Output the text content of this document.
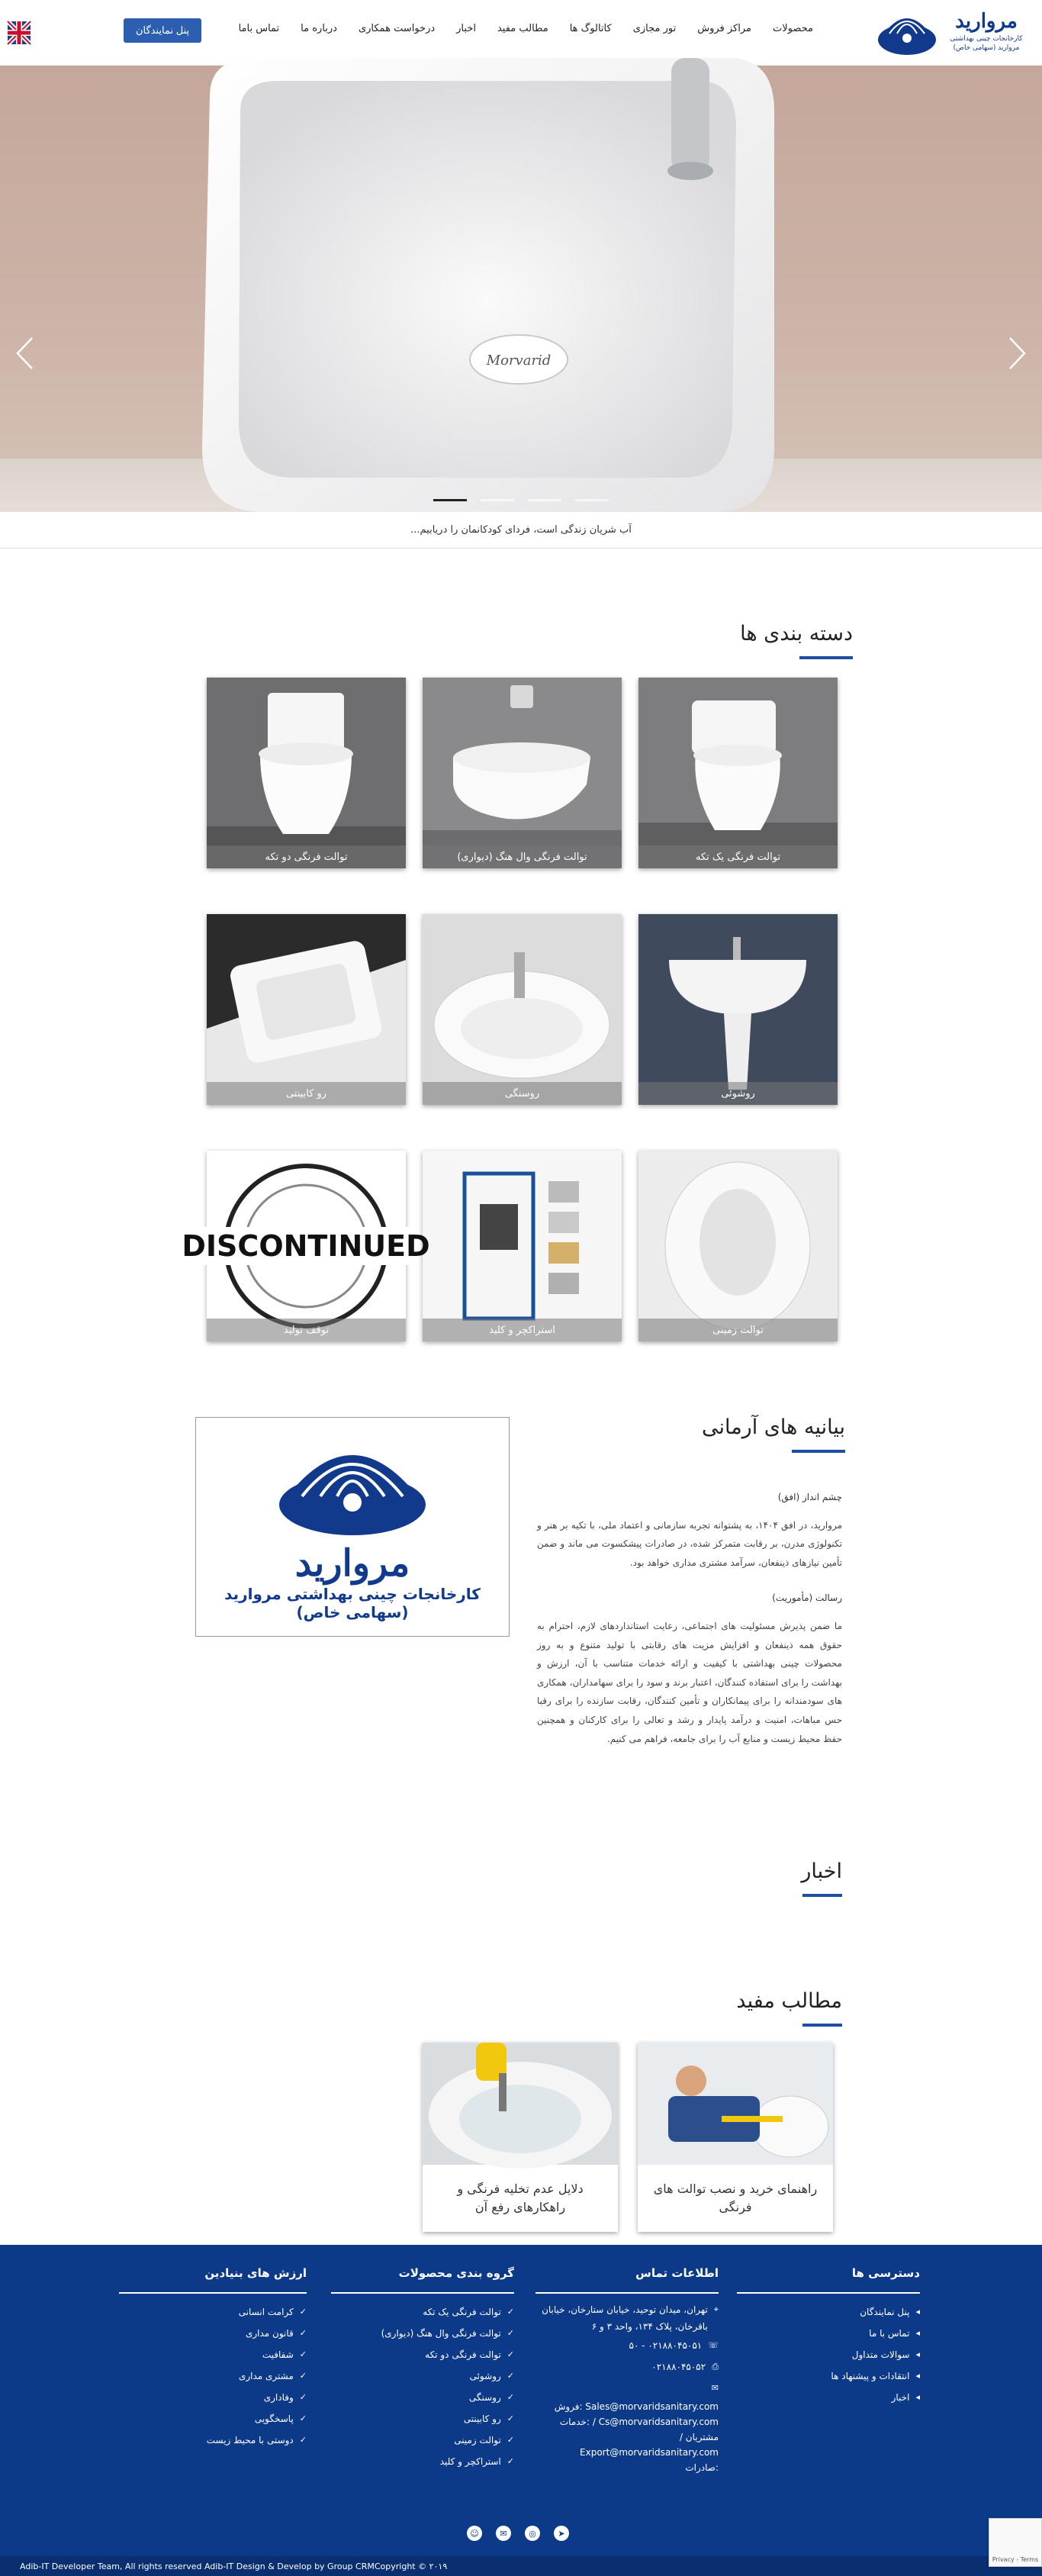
مروارید
کارخانجات چینی بهداشتی مروارید (سهامی خاص)
محصولات
مراکز فروش
تور مجازی
کاتالوگ ها
مطالب مفید
اخبار
درخواست همکاری
درباره ما
تماس باما
پنل نمایندگان
Morvarid
آب شریان زندگی است، فردای کودکانمان را دریابیم...
دسته بندی ها
توالت فرنگی یک تکه
توالت فرنگی وال هنگ (دیواری)
توالت فرنگی دو تکه
روشوئی
روسنگی
رو کابینتی
توالت زمینی
استراکچر و کلید
DISCONTINUED
توقف تولید
بیانیه های آرمانی
چشم انداز (افق)

مروارید، در افق ۱۴۰۴، به پشتوانه تجربه سازمانی و اعتماد ملی، با تکیه بر هنر و تکنولوژی مدرن، بر رقابت متمرکز شده، در صادرات پیشکسوت می ماند و ضمن تأمین نیازهای ذینفعان، سرآمد مشتری مداری خواهد بود.

رسالت (مأموریت)

ما ضمن پذیرش مسئولیت های اجتماعی، رعایت استانداردهای لازم، احترام به حقوق همه ذینفعان و افزایش مزیت های رقابتی با تولید متنوع و به روز محصولات چینی بهداشتی با کیفیت و ارائه خدمات متناسب با آن، ارزش و بهداشت را برای استفاده کنندگان، اعتبار برند و سود را برای سهامداران، همکاری های سودمندانه را برای پیمانکاران و تأمین کنندگان، رقابت سازنده را برای رقبا حس مباهات، امنیت و درآمد پایدار و رشد و تعالی را برای کارکنان و همچنین حفظ محیط زیست و منابع آب را برای جامعه، فراهم می کنیم.

مروارید
کارخانجات چینی بهداشتی مروارید
(سهامی خاص)
اخبار
مطالب مفید
راهنمای خرید و نصب توالت های فرنگی
دلایل عدم تخلیه فرنگی و راهکارهای رفع آن
دسترسی ها
◂
پنل نمایندگان
◂
تماس با ما
◂
سوالات متداول
◂
انتقادات و پیشنهاد ها
◂
اخبار
اطلاعات تماس
⌖
تهران، میدان توحید، خیابان ستارخان، خیابان باقرخان، پلاک ۱۳۴، واحد ۳ و ۶
☏
۰۲۱۸۸۰۴۵۰۵۱ - ۵۰
⎙
۰۲۱۸۸۰۴۵۰۵۲
✉
Sales@morvaridsanitary.com :فروش
Cs@morvaridsanitary.com / :خدمات مشتریان /
Export@morvaridsanitary.com
:صادرات
گروه بندی محصولات
✓
توالت فرنگی یک تکه
✓
توالت فرنگی وال هنگ (دیواری)
✓
توالت فرنگی دو تکه
✓
روشوئی
✓
روسنگی
✓
رو کابینتی
✓
توالت زمینی
✓
استراکچر و کلید
ارزش های بنیادین
✓
کرامت انسانی
✓
قانون مداری
✓
شفافیت
✓
مشتری مداری
✓
وفاداری
✓
پاسخگویی
✓
دوستی با محیط زیست
☺	✉	◎	➤
Adib-IT Developer Team, All rights reserved Adib-IT Design & Develop by Group CRMCopyright © ۲۰۱۹
Privacy - Terms
